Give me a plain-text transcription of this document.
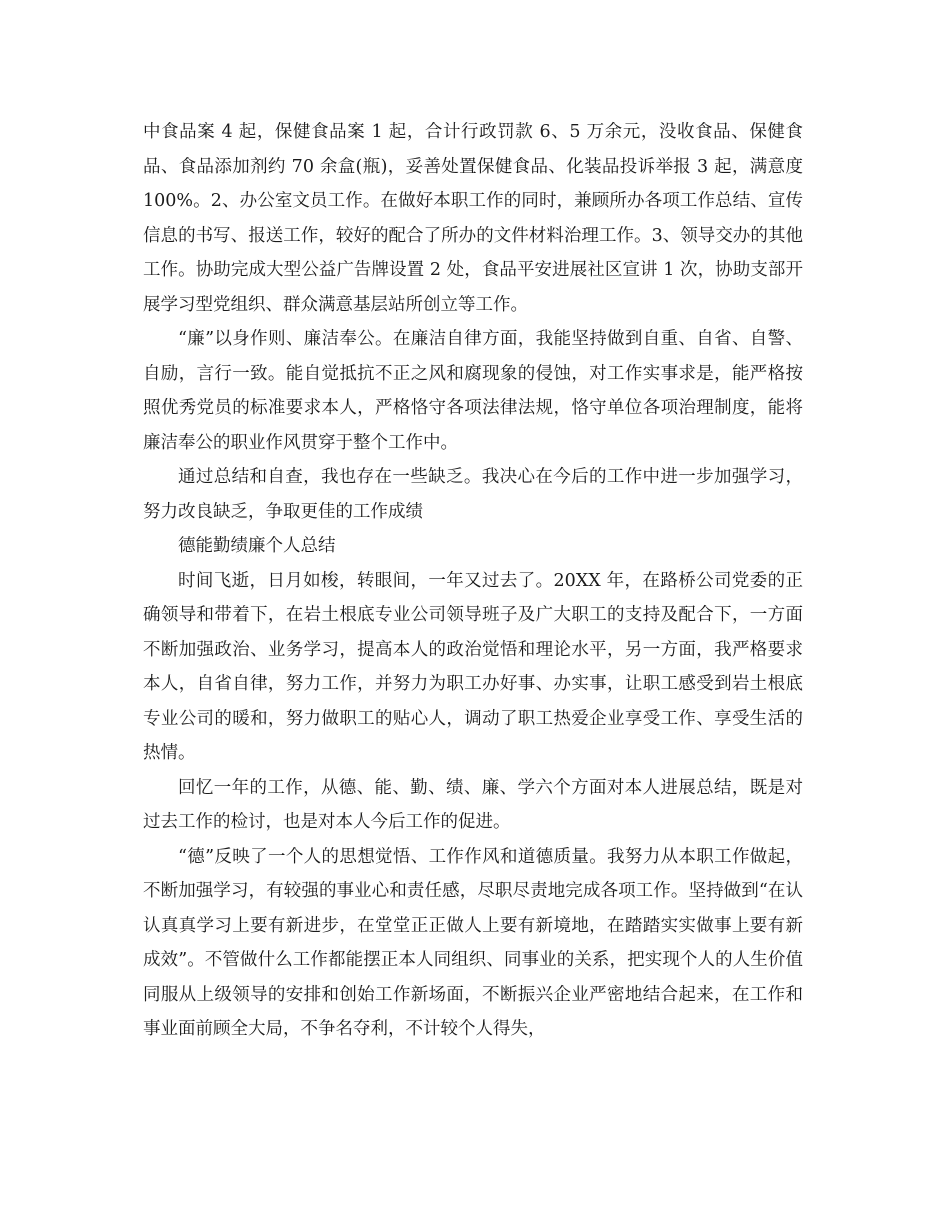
中食品案 4 起，保健食品案 1 起，合计行政罚款 6、5 万余元，没收食品、保健食品、食品添加剂约 70 余盒(瓶)，妥善处置保健食品、化装品投诉举报 3 起，满意度 100%。2、办公室文员工作。在做好本职工作的同时，兼顾所办各项工作总结、宣传信息的书写、报送工作，较好的配合了所办的文件材料治理工作。3、领导交办的其他工作。协助完成大型公益广告牌设置 2 处，食品平安进展社区宣讲 1 次，协助支部开展学习型党组织、群众满意基层站所创立等工作。

“廉”以身作则、廉洁奉公。在廉洁自律方面，我能坚持做到自重、自省、自警、自励，言行一致。能自觉抵抗不正之风和腐现象的侵蚀，对工作实事求是，能严格按照优秀党员的标准要求本人，严格恪守各项法律法规，恪守单位各项治理制度，能将廉洁奉公的职业作风贯穿于整个工作中。

通过总结和自查，我也存在一些缺乏。我决心在今后的工作中进一步加强学习，努力改良缺乏，争取更佳的工作成绩

德能勤绩廉个人总结

时间飞逝，日月如梭，转眼间，一年又过去了。20XX 年，在路桥公司党委的正确领导和带着下，在岩土根底专业公司领导班子及广大职工的支持及配合下，一方面不断加强政治、业务学习，提高本人的政治觉悟和理论水平，另一方面，我严格要求本人，自省自律，努力工作，并努力为职工办好事、办实事，让职工感受到岩土根底专业公司的暖和，努力做职工的贴心人，调动了职工热爱企业享受工作、享受生活的热情。

回忆一年的工作，从德、能、勤、绩、廉、学六个方面对本人进展总结，既是对过去工作的检讨，也是对本人今后工作的促进。

“德”反映了一个人的思想觉悟、工作作风和道德质量。我努力从本职工作做起，不断加强学习，有较强的事业心和责任感，尽职尽责地完成各项工作。坚持做到“在认认真真学习上要有新进步，在堂堂正正做人上要有新境地，在踏踏实实做事上要有新成效”。不管做什么工作都能摆正本人同组织、同事业的关系，把实现个人的人生价值同服从上级领导的安排和创始工作新场面，不断振兴企业严密地结合起来，在工作和事业面前顾全大局，不争名夺利，不计较个人得失，
